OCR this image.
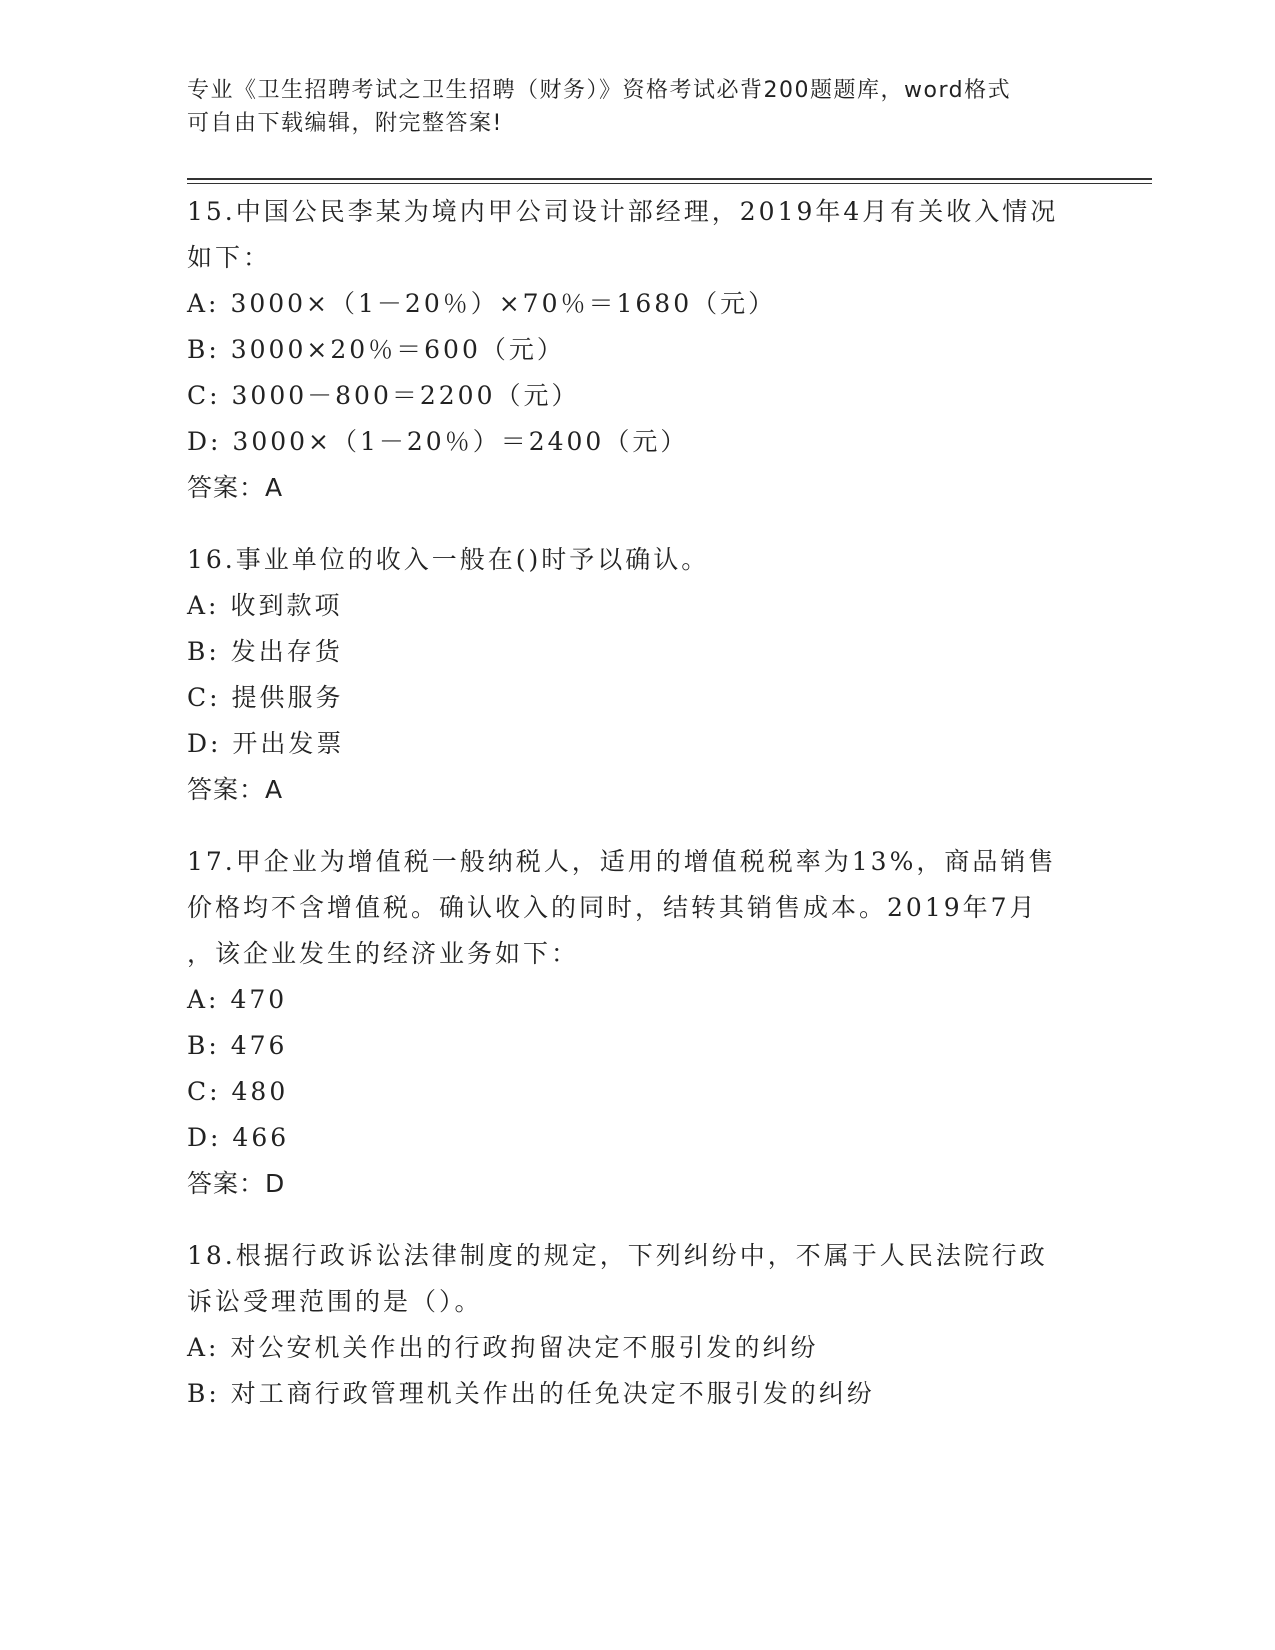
专业《卫生招聘考试之卫生招聘（财务）》资格考试必背200题题库，word格式
可自由下载编辑，附完整答案!
15.中国公民李某为境内甲公司设计部经理，2019年4月有关收入情况
如下：
A: 3000×（1－20％）×70％＝1680（元）
B: 3000×20％＝600（元）
C: 3000－800＝2200（元）
D: 3000×（1－20％）＝2400（元）
答案：A
16.事业单位的收入一般在()时予以确认。
A: 收到款项
B: 发出存货
C: 提供服务
D: 开出发票
答案：A
17.甲企业为增值税一般纳税人，适用的增值税税率为13%，商品销售
价格均不含增值税。确认收入的同时，结转其销售成本。2019年7月
，该企业发生的经济业务如下：
A: 470
B: 476
C: 480
D: 466
答案：D
18.根据行政诉讼法律制度的规定，下列纠纷中，不属于人民法院行政
诉讼受理范围的是（）。
A: 对公安机关作出的行政拘留决定不服引发的纠纷
B: 对工商行政管理机关作出的任免决定不服引发的纠纷
